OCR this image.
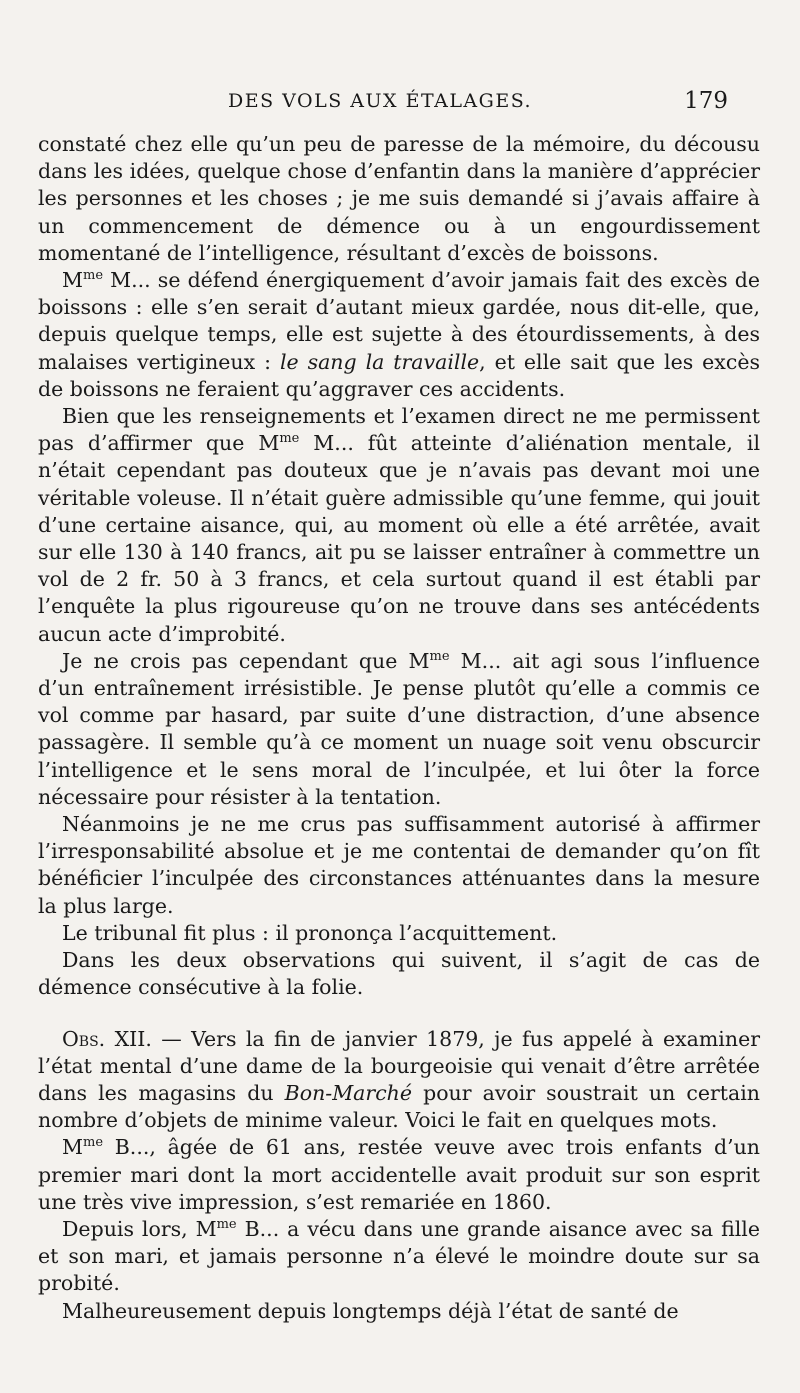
DES VOLS AUX ÉTALAGES.	179

constaté chez elle qu’un peu de paresse de la mémoire, du décousu dans les idées, quelque chose d’enfantin dans la manière d’apprécier les personnes et les choses ; je me suis demandé si j’avais affaire à un commencement de démence ou à un engourdissement momentané de l’intelligence, résultant d’excès de boissons.

$M^{me}$ M... se défend énergiquement d’avoir jamais fait des excès de boissons : elle s’en serait d’autant mieux gardée, nous dit-elle, que, depuis quelque temps, elle est sujette à des étourdissements, à des malaises vertigineux : le sang la travaille, et elle sait que les excès de boissons ne feraient qu’aggraver ces accidents.

Bien que les renseignements et l’examen direct ne me permissent pas d’affirmer que $M^{me}$ M... fût atteinte d’aliénation mentale, il n’était cependant pas douteux que je n’avais pas devant moi une véritable voleuse. Il n’était guère admissible qu’une femme, qui jouit d’une certaine aisance, qui, au moment où elle a été arrêtée, avait sur elle 130 à 140 francs, ait pu se laisser entraîner à commettre un vol de 2 fr. 50 à 3 francs, et cela surtout quand il est établi par l’enquête la plus rigoureuse qu’on ne trouve dans ses antécédents aucun acte d’improbité.

Je ne crois pas cependant que $M^{me}$ M... ait agi sous l’influence d’un entraînement irrésistible. Je pense plutôt qu’elle a commis ce vol comme par hasard, par suite d’une distraction, d’une absence passagère. Il semble qu’à ce moment un nuage soit venu obscurcir l’intelligence et le sens moral de l’inculpée, et lui ôter la force nécessaire pour résister à la tentation.

Néanmoins je ne me crus pas suffisamment autorisé à affirmer l’irresponsabilité absolue et je me contentai de demander qu’on fît bénéficier l’inculpée des circonstances atténuantes dans la mesure la plus large.

Le tribunal fit plus : il prononça l’acquittement.

Dans les deux observations qui suivent, il s’agit de cas de démence consécutive à la folie.

Obs. XII. — Vers la fin de janvier 1879, je fus appelé à examiner l’état mental d’une dame de la bourgeoisie qui venait d’être arrêtée dans les magasins du Bon-Marché pour avoir soustrait un certain nombre d’objets de minime valeur. Voici le fait en quelques mots.

$M^{me}$ B..., âgée de 61 ans, restée veuve avec trois enfants d’un premier mari dont la mort accidentelle avait produit sur son esprit une très vive impression, s’est remariée en 1860.

Depuis lors, $M^{me}$ B... a vécu dans une grande aisance avec sa fille et son mari, et jamais personne n’a élevé le moindre doute sur sa probité.

Malheureusement depuis longtemps déjà l’état de santé de
